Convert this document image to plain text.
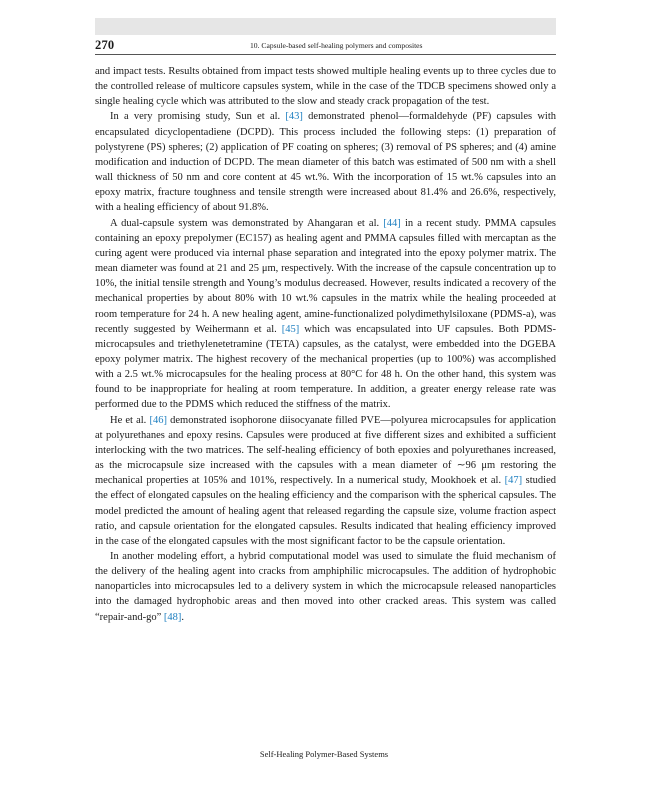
270	10. Capsule-based self-healing polymers and composites

and impact tests. Results obtained from impact tests showed multiple healing events up to three cycles due to the controlled release of multicore capsules system, while in the case of the TDCB specimens showed only a single healing cycle which was attributed to the slow and steady crack propagation of the test.

In a very promising study, Sun et al. [43] demonstrated phenol—formaldehyde (PF) capsules with encapsulated dicyclopentadiene (DCPD). This process included the following steps: (1) preparation of polystyrene (PS) spheres; (2) application of PF coating on spheres; (3) removal of PS spheres; and (4) amine modification and induction of DCPD. The mean diameter of this batch was estimated of 500 nm with a shell wall thickness of 50 nm and core content at 45 wt.%. With the incorporation of 15 wt.% capsules into an epoxy matrix, fracture toughness and tensile strength were increased about 81.4% and 26.6%, respectively, with a healing efficiency of about 91.8%.

A dual-capsule system was demonstrated by Ahangaran et al. [44] in a recent study. PMMA capsules containing an epoxy prepolymer (EC157) as healing agent and PMMA capsules filled with mercaptan as the curing agent were produced via internal phase separation and integrated into the epoxy polymer matrix. The mean diameter was found at 21 and 25 μm, respectively. With the increase of the capsule concentration up to 10%, the initial tensile strength and Young’s modulus decreased. However, results indicated a recovery of the mechanical properties by about 80% with 10 wt.% capsules in the matrix while the healing proceeded at room temperature for 24 h. A new healing agent, amine-functionalized polydimethylsiloxane (PDMS-a), was recently suggested by Weihermann et al. [45] which was encapsulated into UF capsules. Both PDMS-microcapsules and triethylenetetramine (TETA) capsules, as the catalyst, were embedded into the DGEBA epoxy polymer matrix. The highest recovery of the mechanical properties (up to 100%) was accomplished with a 2.5 wt.% microcapsules for the healing process at 80°C for 48 h. On the other hand, this system was found to be inappropriate for healing at room temperature. In addition, a greater energy release rate was performed due to the PDMS which reduced the stiffness of the matrix.

He et al. [46] demonstrated isophorone diisocyanate filled PVE—polyurea microcapsules for application at polyurethanes and epoxy resins. Capsules were produced at five different sizes and exhibited a sufficient interlocking with the two matrices. The self-healing efficiency of both epoxies and polyurethanes increased, as the microcapsule size increased with the capsules with a mean diameter of ∼96 μm restoring the mechanical properties at 105% and 101%, respectively. In a numerical study, Mookhoek et al. [47] studied the effect of elongated capsules on the healing efficiency and the comparison with the spherical capsules. The model predicted the amount of healing agent that released regarding the capsule size, volume fraction aspect ratio, and capsule orientation for the elongated capsules. Results indicated that healing efficiency improved in the case of the elongated capsules with the most significant factor to be the capsule orientation.

In another modeling effort, a hybrid computational model was used to simulate the fluid mechanism of the delivery of the healing agent into cracks from amphiphilic microcapsules. The addition of hydrophobic nanoparticles into microcapsules led to a delivery system in which the microcapsule released nanoparticles into the damaged hydrophobic areas and then moved into other cracked areas. This system was called “repair-and-go” [48].

Self-Healing Polymer-Based Systems
